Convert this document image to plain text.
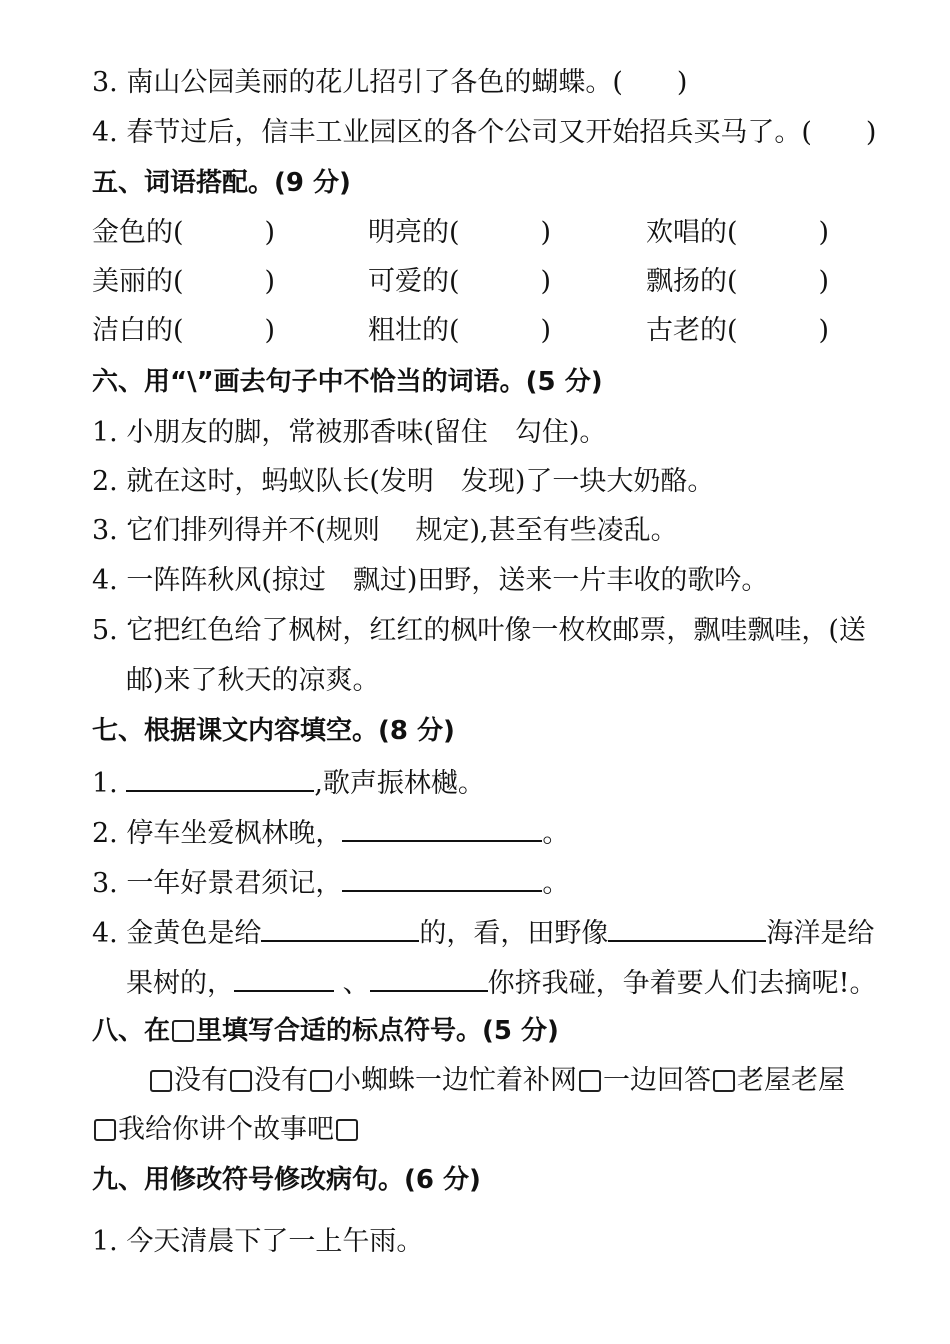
3. 南山公园美丽的花儿招引了各色的蝴蝶。(　　)
4. 春节过后，信丰工业园区的各个公司又开始招兵买马了。(　　)
五、词语搭配。(9 分)
金色的(　　　)	明亮的(　　　)	欢唱的(　　　)
美丽的(　　　)	可爱的(　　　)	飘扬的(　　　)
洁白的(　　　)	粗壮的(　　　)	古老的(　　　)
六、用“\”画去句子中不恰当的词语。(5 分)
1. 小朋友的脚，常被那香味(留住　勾住)。
2. 就在这时，蚂蚁队长(发明　发现)了一块大奶酪。
3. 它们排列得并不(规则　 规定),甚至有些凌乱。
4. 一阵阵秋风(掠过　飘过)田野，送来一片丰收的歌吟。
5. 它把红色给了枫树，红红的枫叶像一枚枚邮票，飘哇飘哇，(送
邮)来了秋天的凉爽。
七、根据课文内容填空。(8 分)
1.	,歌声振林樾。
2. 停车坐爱枫林晚，	。
3. 一年好景君须记，	。
4. 金黄色是给	的，看，田野像	海洋是给
果树的，	、	你挤我碰，争着要人们去摘呢!。
八、在 里填写合适的标点符号。(5 分)
没有 没有 小蜘蛛一边忙着补网 一边回答 老屋老屋
我给你讲个故事吧
九、用修改符号修改病句。(6 分)
1. 今天清晨下了一上午雨。
